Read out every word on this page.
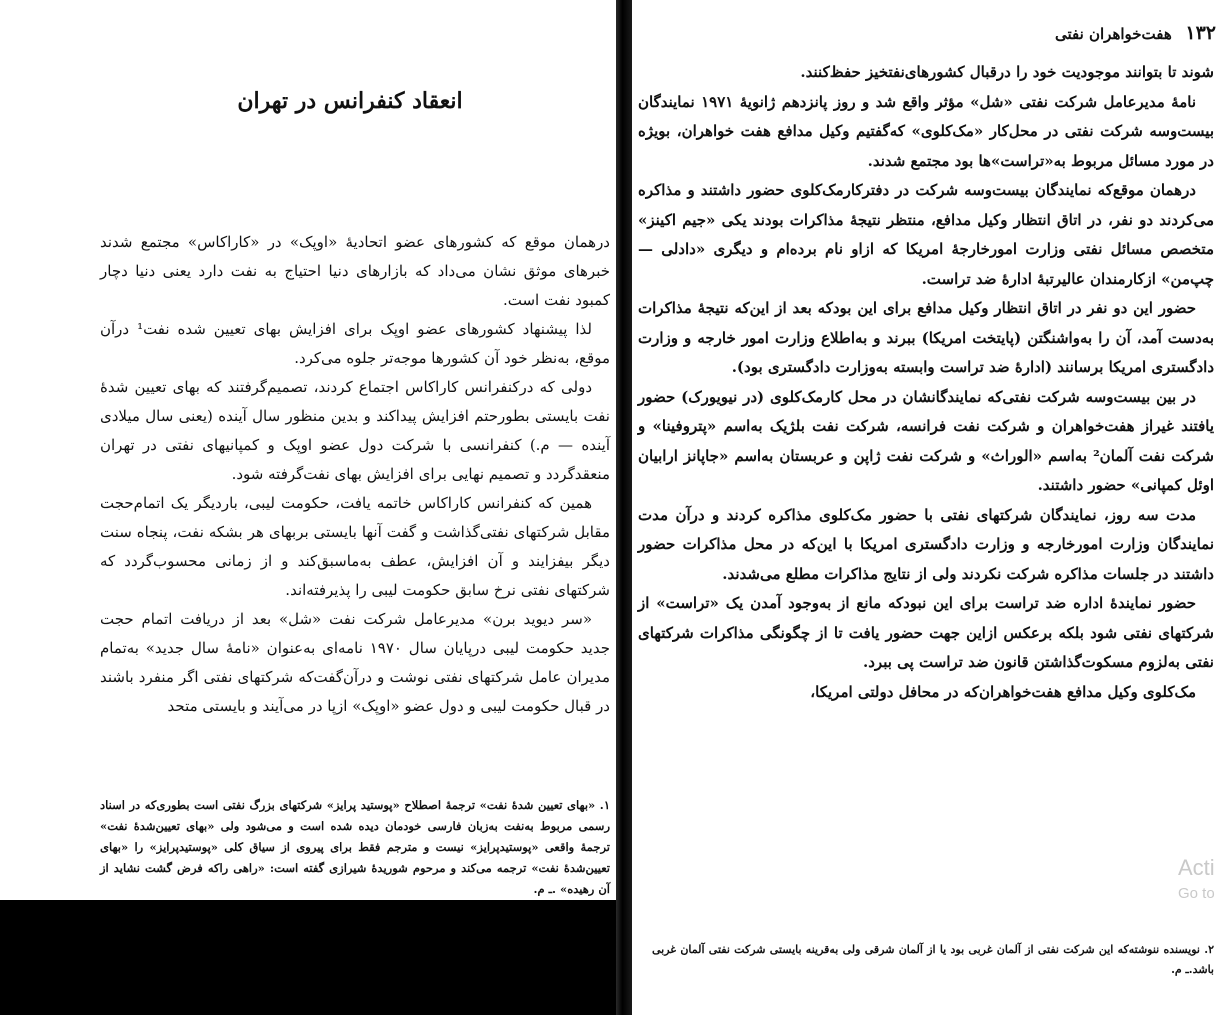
انعقاد کنفرانس در تهران

درهمان موقع که کشورهای عضو اتحادیهٔ «اوپک» در «کاراکاس» مجتمع شدند خبرهای موثق نشان می‌داد که بازارهای دنیا احتیاج به نفت دارد یعنی دنیا دچار کمبود نفت است.

لذا پیشنهاد کشورهای عضو اوپک برای افزایش بهای تعیین شده نفت¹ درآن موقع، به‌نظر خود آن کشورها موجه‌تر جلوه می‌کرد.

دولی که درکنفرانس کاراکاس اجتماع کردند، تصمیم‌گرفتند که بهای تعیین شدهٔ نفت بایستی بطورحتم افزایش پیداکند و بدین منظور سال آینده (یعنی سال میلادی آینده — م.) کنفرانسی با شرکت دول عضو اوپک و کمپانیهای نفتی در تهران منعقدگردد و تصمیم نهایی برای افزایش بهای نفت‌گرفته شود.

همین که کنفرانس کاراکاس خاتمه یافت، حکومت لیبی، باردیگر یک اتمام‌حجت مقابل شرکتهای نفتی‌گذاشت و گفت آنها بایستی بربهای هر بشکه نفت، پنجاه سنت دیگر بیفزایند و آن افزایش، عطف به‌ماسبق‌کند و از زمانی محسوب‌گردد که شرکتهای نفتی نرخ سابق حکومت لیبی را پذیرفته‌اند.

«سر دیوید برن» مدیرعامل شرکت نفت «شل» بعد از دریافت اتمام حجت جدید حکومت لیبی درپایان سال ۱۹۷۰ نامه‌ای به‌عنوان «نامهٔ سال جدید» به‌تمام مدیران عامل شرکتهای نفتی نوشت و درآن‌گفت‌که شرکتهای نفتی اگر منفرد باشند در قبال حکومت لیبی و دول عضو «اوپک» ازپا در می‌آیند و بایستی متحد

۱. «بهای تعیین شدهٔ نفت» ترجمهٔ اصطلاح «پوستید پرایز» شرکتهای بزرگ نفتی است بطوری‌که در اسناد رسمی مربوط به‌نفت به‌زبان فارسی خودمان دیده شده است و می‌شود ولی «بهای تعیین‌شدهٔ نفت» ترجمهٔ واقعی «پوستیدپرایز» نیست و مترجم فقط برای پیروی از سیاق کلی «پوستیدپرایز» را «بهای تعیین‌شدهٔ نفت» ترجمه می‌کند و مرحوم شوریدهٔ شیرازی گفته است: «راهی راکه فرض گشت نشاید از آن رهیده» .ـ م.
۱۳۲ هفت‌خواهران نفتی

شوند تا بتوانند موجودیت خود را درقبال کشورهای‌نفتخیز حفظ‌کنند.

نامهٔ مدیرعامل شرکت نفتی «شل» مؤثر واقع شد و روز پانزدهم ژانویهٔ ۱۹۷۱ نمایندگان بیست‌وسه شرکت نفتی در محل‌کار «مک‌کلوی» که‌گفتیم وکیل مدافع هفت خواهران، بویژه در مورد مسائل مربوط به‌«تراست»‌ها بود مجتمع شدند.

درهمان موقع‌که نمایندگان بیست‌وسه شرکت در دفترکارمک‌کلوی حضور داشتند و مذاکره می‌کردند دو نفر، در اتاق انتظار وکیل مدافع، منتظر نتیجهٔ مذاکرات بودند یکی «جیم اکینز» متخصص مسائل نفتی وزارت امورخارجهٔ امریکا که ازاو نام برده‌ام و دیگری «دادلی — چپ‌من» ازکارمندان عالیرتبهٔ ادارهٔ ضد تراست.

حضور این دو نفر در اتاق انتظار وکیل مدافع برای این بودکه بعد از این‌که نتیجهٔ مذاکرات به‌دست آمد، آن را به‌واشنگتن (پایتخت امریکا) ببرند و به‌اطلاع وزارت امور خارجه و وزارت دادگستری امریکا برسانند (ادارهٔ ضد تراست وابسته به‌وزارت دادگستری بود).

در بین بیست‌وسه شرکت نفتی‌که نمایندگانشان در محل کارمک‌کلوی (در نیویورک) حضور یافتند غیراز هفت‌خواهران و شرکت نفت فرانسه، شرکت نفت بلژیک به‌اسم «پتروفینا» و شرکت نفت آلمان² به‌اسم «الوراث» و شرکت نفت ژاپن و عربستان به‌اسم «جاپانز ارابیان اوئل کمپانی» حضور داشتند.

مدت سه روز، نمایندگان شرکتهای نفتی با حضور مک‌کلوی مذاکره کردند و درآن مدت نمایندگان وزارت امورخارجه و وزارت دادگستری امریکا با این‌که در محل مذاکرات حضور داشتند در جلسات مذاکره شرکت نکردند ولی از نتایج مذاکرات مطلع می‌شدند.

حضور نمایندهٔ اداره ضد تراست برای این نبودکه مانع از به‌وجود آمدن یک «تراست» از شرکتهای نفتی شود بلکه برعکس ازاین جهت حضور یافت تا از چگونگی مذاکرات شرکتهای نفتی به‌لزوم مسکوت‌گذاشتن قانون ضد تراست پی ببرد.

مک‌کلوی وکیل مدافع هفت‌خواهران‌که در محافل دولتی امریکا،

۲. نویسنده ننوشته‌که این شرکت نفتی از آلمان غربی بود یا از آلمان شرقی ولی به‌قرینه بایستی شرکت نفتی آلمان غربی باشد.ـ م.
Acti
Go to
